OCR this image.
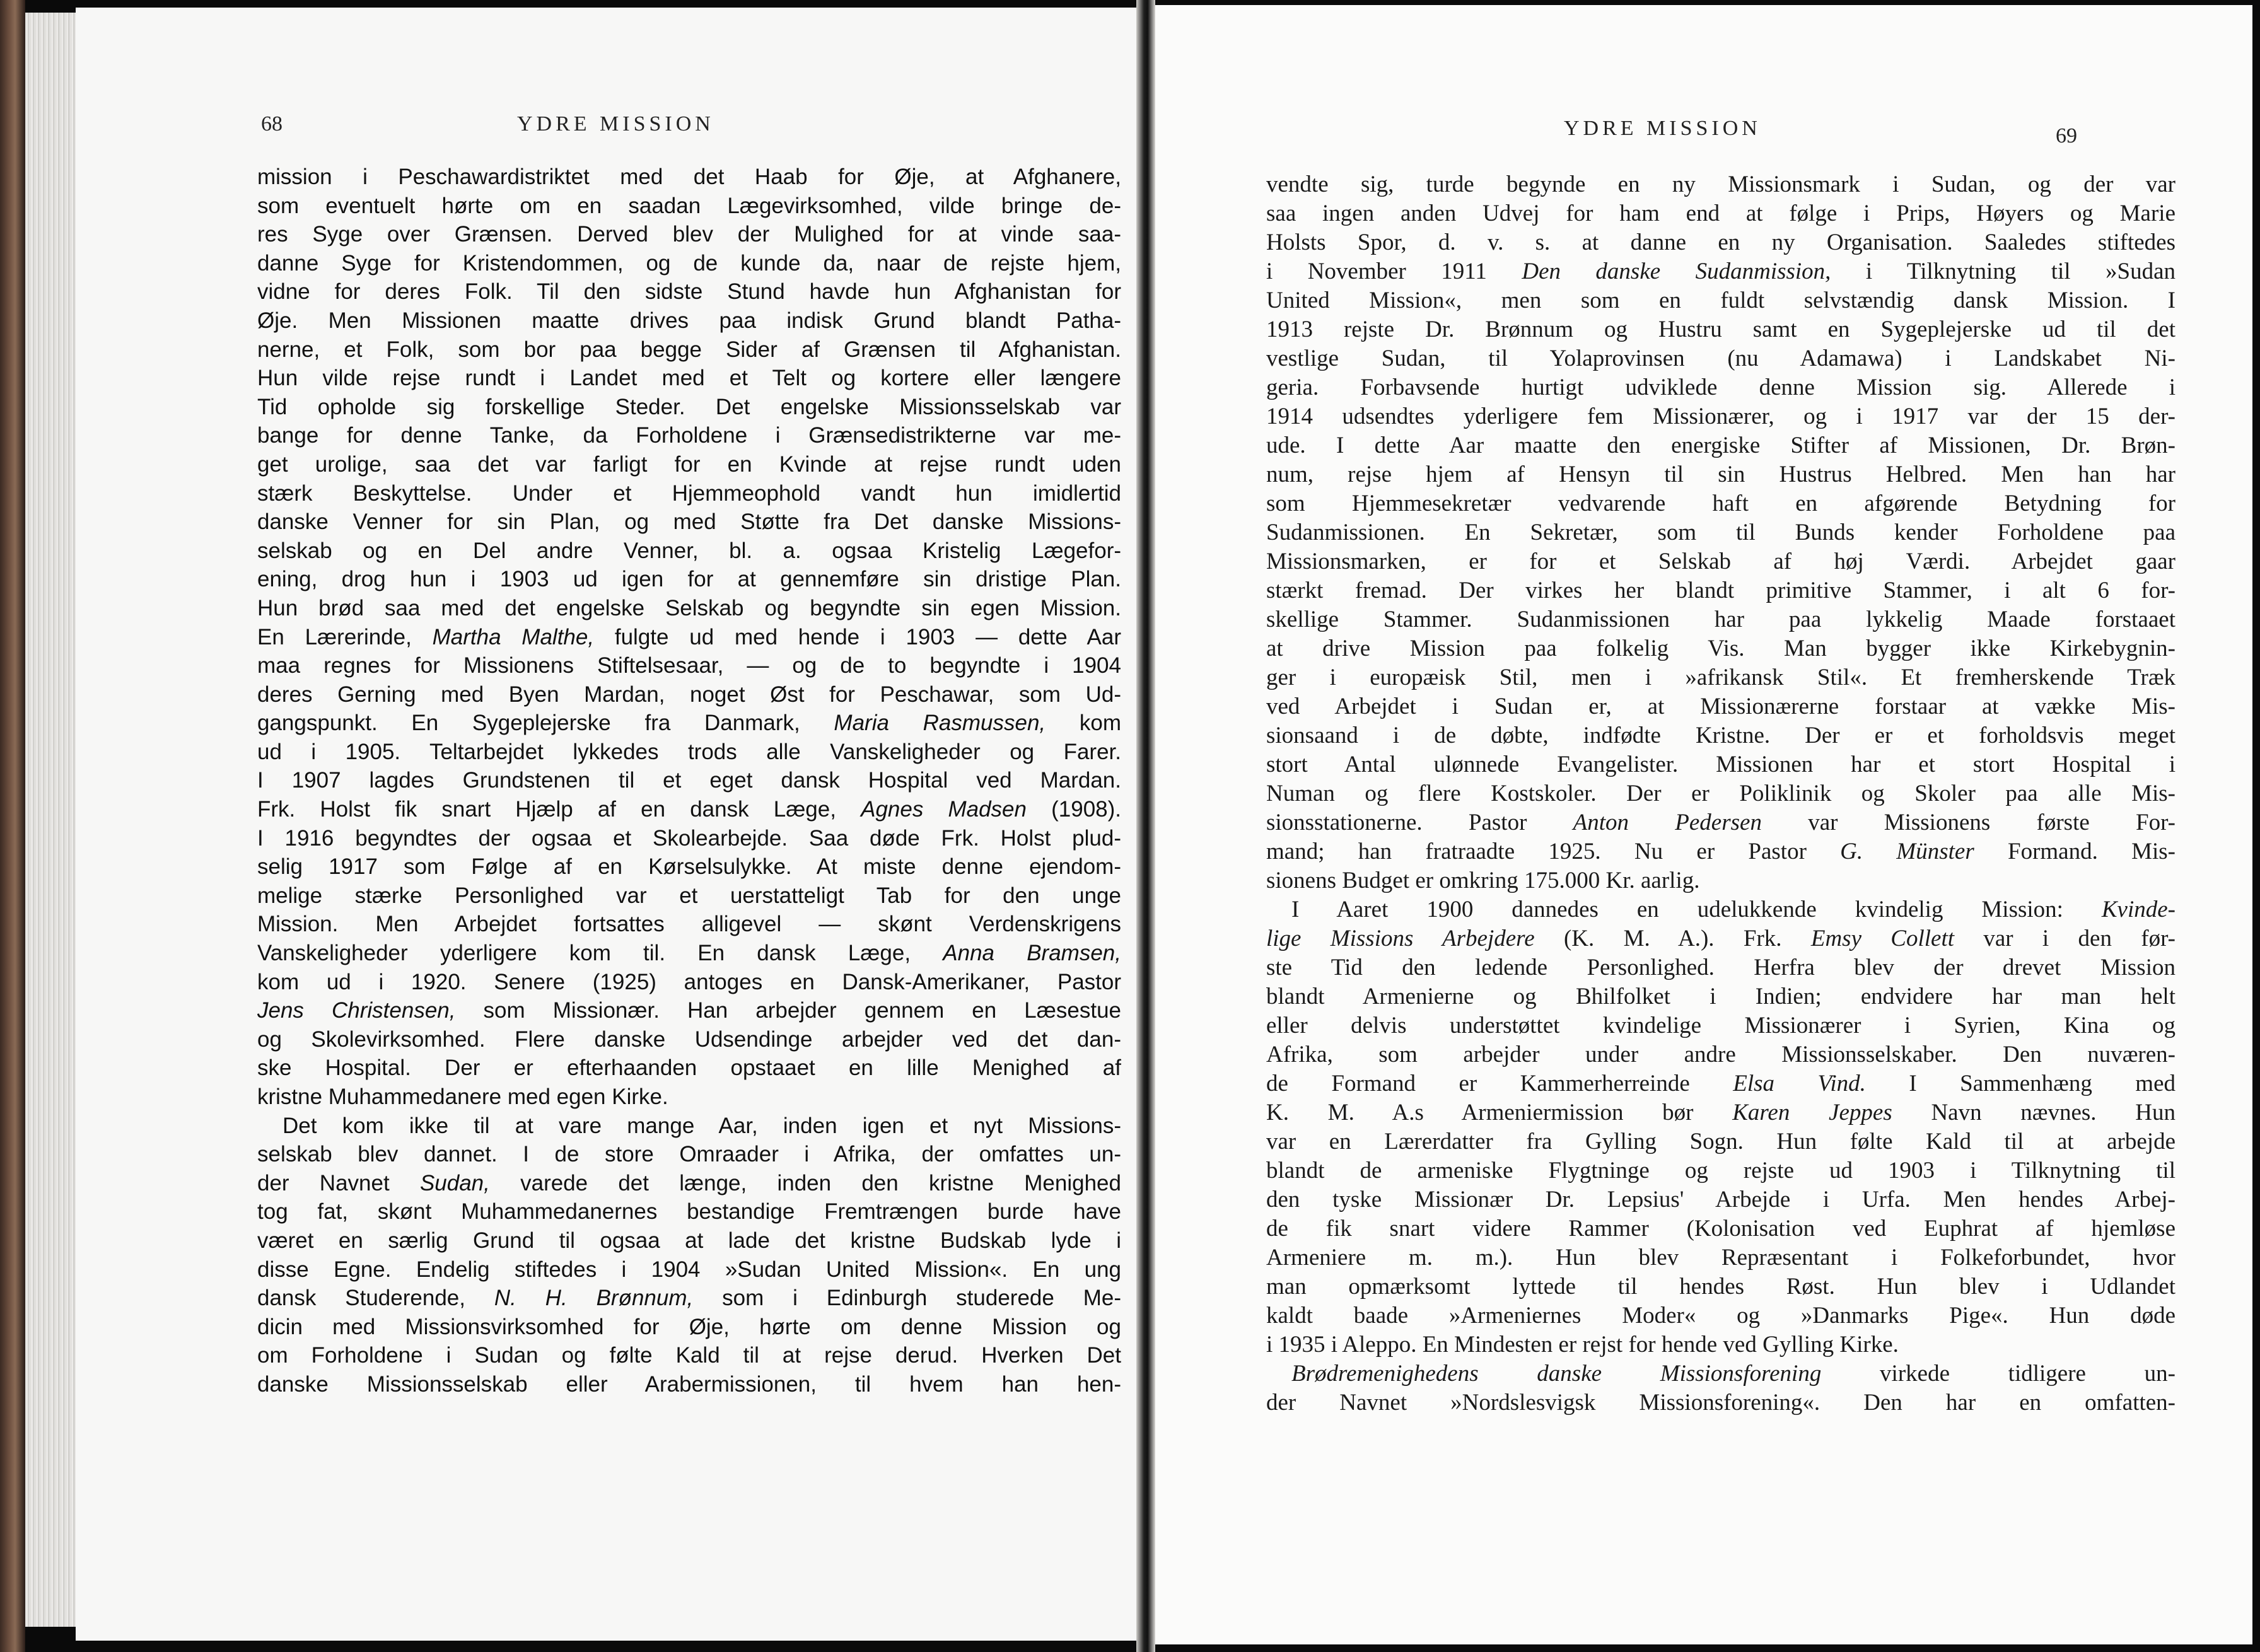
68	YDRE MISSION
mission i Peschawardistriktet med det Haab for Øje, at Afghanere,
som eventuelt hørte om en saadan Lægevirksomhed, vilde bringe de-
res Syge over Grænsen. Derved blev der Mulighed for at vinde saa-
danne Syge for Kristendommen, og de kunde da, naar de rejste hjem,
vidne for deres Folk. Til den sidste Stund havde hun Afghanistan for
Øje. Men Missionen maatte drives paa indisk Grund blandt Patha-
nerne, et Folk, som bor paa begge Sider af Grænsen til Afghanistan.
Hun vilde rejse rundt i Landet med et Telt og kortere eller længere
Tid opholde sig forskellige Steder. Det engelske Missionsselskab var
bange for denne Tanke, da Forholdene i Grænsedistrikterne var me-
get urolige, saa det var farligt for en Kvinde at rejse rundt uden
stærk Beskyttelse. Under et Hjemmeophold vandt hun imidlertid
danske Venner for sin Plan, og med Støtte fra Det danske Missions-
selskab og en Del andre Venner, bl. a. ogsaa Kristelig Lægefor-
ening, drog hun i 1903 ud igen for at gennemføre sin dristige Plan.
Hun brød saa med det engelske Selskab og begyndte sin egen Mission.
En Lærerinde, Martha Malthe, fulgte ud med hende i 1903 — dette Aar
maa regnes for Missionens Stiftelsesaar, — og de to begyndte i 1904
deres Gerning med Byen Mardan, noget Øst for Peschawar, som Ud-
gangspunkt. En Sygeplejerske fra Danmark, Maria Rasmussen, kom
ud i 1905. Teltarbejdet lykkedes trods alle Vanskeligheder og Farer.
I 1907 lagdes Grundstenen til et eget dansk Hospital ved Mardan.
Frk. Holst fik snart Hjælp af en dansk Læge, Agnes Madsen (1908).
I 1916 begyndtes der ogsaa et Skolearbejde. Saa døde Frk. Holst plud-
selig 1917 som Følge af en Kørselsulykke. At miste denne ejendom-
melige stærke Personlighed var et uerstatteligt Tab for den unge
Mission. Men Arbejdet fortsattes alligevel — skønt Verdenskrigens
Vanskeligheder yderligere kom til. En dansk Læge, Anna Bramsen,
kom ud i 1920. Senere (1925) antoges en Dansk-Amerikaner, Pastor
Jens Christensen, som Missionær. Han arbejder gennem en Læsestue
og Skolevirksomhed. Flere danske Udsendinge arbejder ved det dan-
ske Hospital. Der er efterhaanden opstaaet en lille Menighed af
kristne Muhammedanere med egen Kirke.
Det kom ikke til at vare mange Aar, inden igen et nyt Missions-
selskab blev dannet. I de store Omraader i Afrika, der omfattes un-
der Navnet Sudan, varede det længe, inden den kristne Menighed
tog fat, skønt Muhammedanernes bestandige Fremtrængen burde have
været en særlig Grund til ogsaa at lade det kristne Budskab lyde i
disse Egne. Endelig stiftedes i 1904 »Sudan United Mission«. En ung
dansk Studerende, N. H. Brønnum, som i Edinburgh studerede Me-
dicin med Missionsvirksomhed for Øje, hørte om denne Mission og
om Forholdene i Sudan og følte Kald til at rejse derud. Hverken Det
danske Missionsselskab eller Arabermissionen, til hvem han hen-
YDRE MISSION	69
vendte sig, turde begynde en ny Missionsmark i Sudan, og der var
saa ingen anden Udvej for ham end at følge i Prips, Høyers og Marie
Holsts Spor, d. v. s. at danne en ny Organisation. Saaledes stiftedes
i November 1911 Den danske Sudanmission, i Tilknytning til »Sudan
United Mission«, men som en fuldt selvstændig dansk Mission. I
1913 rejste Dr. Brønnum og Hustru samt en Sygeplejerske ud til det
vestlige Sudan, til Yolaprovinsen (nu Adamawa) i Landskabet Ni-
geria. Forbavsende hurtigt udviklede denne Mission sig. Allerede i
1914 udsendtes yderligere fem Missionærer, og i 1917 var der 15 der-
ude. I dette Aar maatte den energiske Stifter af Missionen, Dr. Brøn-
num, rejse hjem af Hensyn til sin Hustrus Helbred. Men han har
som Hjemmesekretær vedvarende haft en afgørende Betydning for
Sudanmissionen. En Sekretær, som til Bunds kender Forholdene paa
Missionsmarken, er for et Selskab af høj Værdi. Arbejdet gaar
stærkt fremad. Der virkes her blandt primitive Stammer, i alt 6 for-
skellige Stammer. Sudanmissionen har paa lykkelig Maade forstaaet
at drive Mission paa folkelig Vis. Man bygger ikke Kirkebygnin-
ger i europæisk Stil, men i »afrikansk Stil«. Et fremherskende Træk
ved Arbejdet i Sudan er, at Missionærerne forstaar at vække Mis-
sionsaand i de døbte, indfødte Kristne. Der er et forholdsvis meget
stort Antal ulønnede Evangelister. Missionen har et stort Hospital i
Numan og flere Kostskoler. Der er Poliklinik og Skoler paa alle Mis-
sionsstationerne. Pastor Anton Pedersen var Missionens første For-
mand; han fratraadte 1925. Nu er Pastor G. Münster Formand. Mis-
sionens Budget er omkring 175.000 Kr. aarlig.
I Aaret 1900 dannedes en udelukkende kvindelig Mission: Kvinde-
lige Missions Arbejdere (K. M. A.). Frk. Emsy Collett var i den før-
ste Tid den ledende Personlighed. Herfra blev der drevet Mission
blandt Armenierne og Bhilfolket i Indien; endvidere har man helt
eller delvis understøttet kvindelige Missionærer i Syrien, Kina og
Afrika, som arbejder under andre Missionsselskaber. Den nuværen-
de Formand er Kammerherreinde Elsa Vind. I Sammenhæng med
K. M. A.s Armeniermission bør Karen Jeppes Navn nævnes. Hun
var en Lærerdatter fra Gylling Sogn. Hun følte Kald til at arbejde
blandt de armeniske Flygtninge og rejste ud 1903 i Tilknytning til
den tyske Missionær Dr. Lepsius' Arbejde i Urfa. Men hendes Arbej-
de fik snart videre Rammer (Kolonisation ved Euphrat af hjemløse
Armeniere m. m.). Hun blev Repræsentant i Folkeforbundet, hvor
man opmærksomt lyttede til hendes Røst. Hun blev i Udlandet
kaldt baade »Armeniernes Moder« og »Danmarks Pige«. Hun døde
i 1935 i Aleppo. En Mindesten er rejst for hende ved Gylling Kirke.
Brødremenighedens danske Missionsforening virkede tidligere un-
der Navnet »Nordslesvigsk Missionsforening«. Den har en omfatten-
